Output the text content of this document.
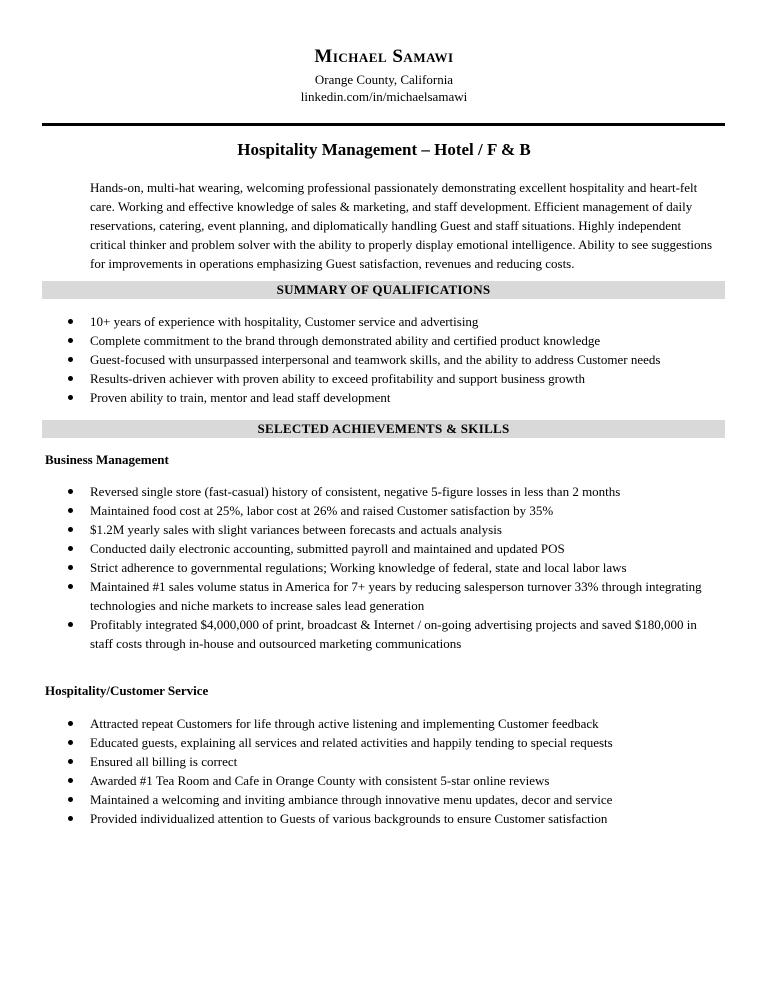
Michael Samawi
Orange County, California
linkedin.com/in/michaelsamawi
Hospitality Management – Hotel / F & B
Hands-on, multi-hat wearing, welcoming professional passionately demonstrating excellent hospitality and heart-felt care. Working and effective knowledge of sales & marketing, and staff development. Efficient management of daily reservations, catering, event planning, and diplomatically handling Guest and staff situations. Highly independent critical thinker and problem solver with the ability to properly display emotional intelligence. Ability to see suggestions for improvements in operations emphasizing Guest satisfaction, revenues and reducing costs.
SUMMARY OF QUALIFICATIONS
10+ years of experience with hospitality, Customer service and advertising
Complete commitment to the brand through demonstrated ability and certified product knowledge
Guest-focused with unsurpassed interpersonal and teamwork skills, and the ability to address Customer needs
Results-driven achiever with proven ability to exceed profitability and support business growth
Proven ability to train, mentor and lead staff development
SELECTED ACHIEVEMENTS & SKILLS
Business Management
Reversed single store (fast-casual) history of consistent, negative 5-figure losses in less than 2 months
Maintained food cost at 25%, labor cost at 26% and raised Customer satisfaction by 35%
$1.2M yearly sales with slight variances between forecasts and actuals analysis
Conducted daily electronic accounting, submitted payroll and maintained and updated POS
Strict adherence to governmental regulations; Working knowledge of federal, state and local labor laws
Maintained #1 sales volume status in America for 7+ years by reducing salesperson turnover 33% through integrating technologies and niche markets to increase sales lead generation
Profitably integrated $4,000,000 of print, broadcast & Internet / on-going advertising projects and saved $180,000 in staff costs through in-house and outsourced marketing communications
Hospitality/Customer Service
Attracted repeat Customers for life through active listening and implementing Customer feedback
Educated guests, explaining all services and related activities and happily tending to special requests
Ensured all billing is correct
Awarded #1 Tea Room and Cafe in Orange County with consistent 5-star online reviews
Maintained a welcoming and inviting ambiance through innovative menu updates, decor and service
Provided individualized attention to Guests of various backgrounds to ensure Customer satisfaction
